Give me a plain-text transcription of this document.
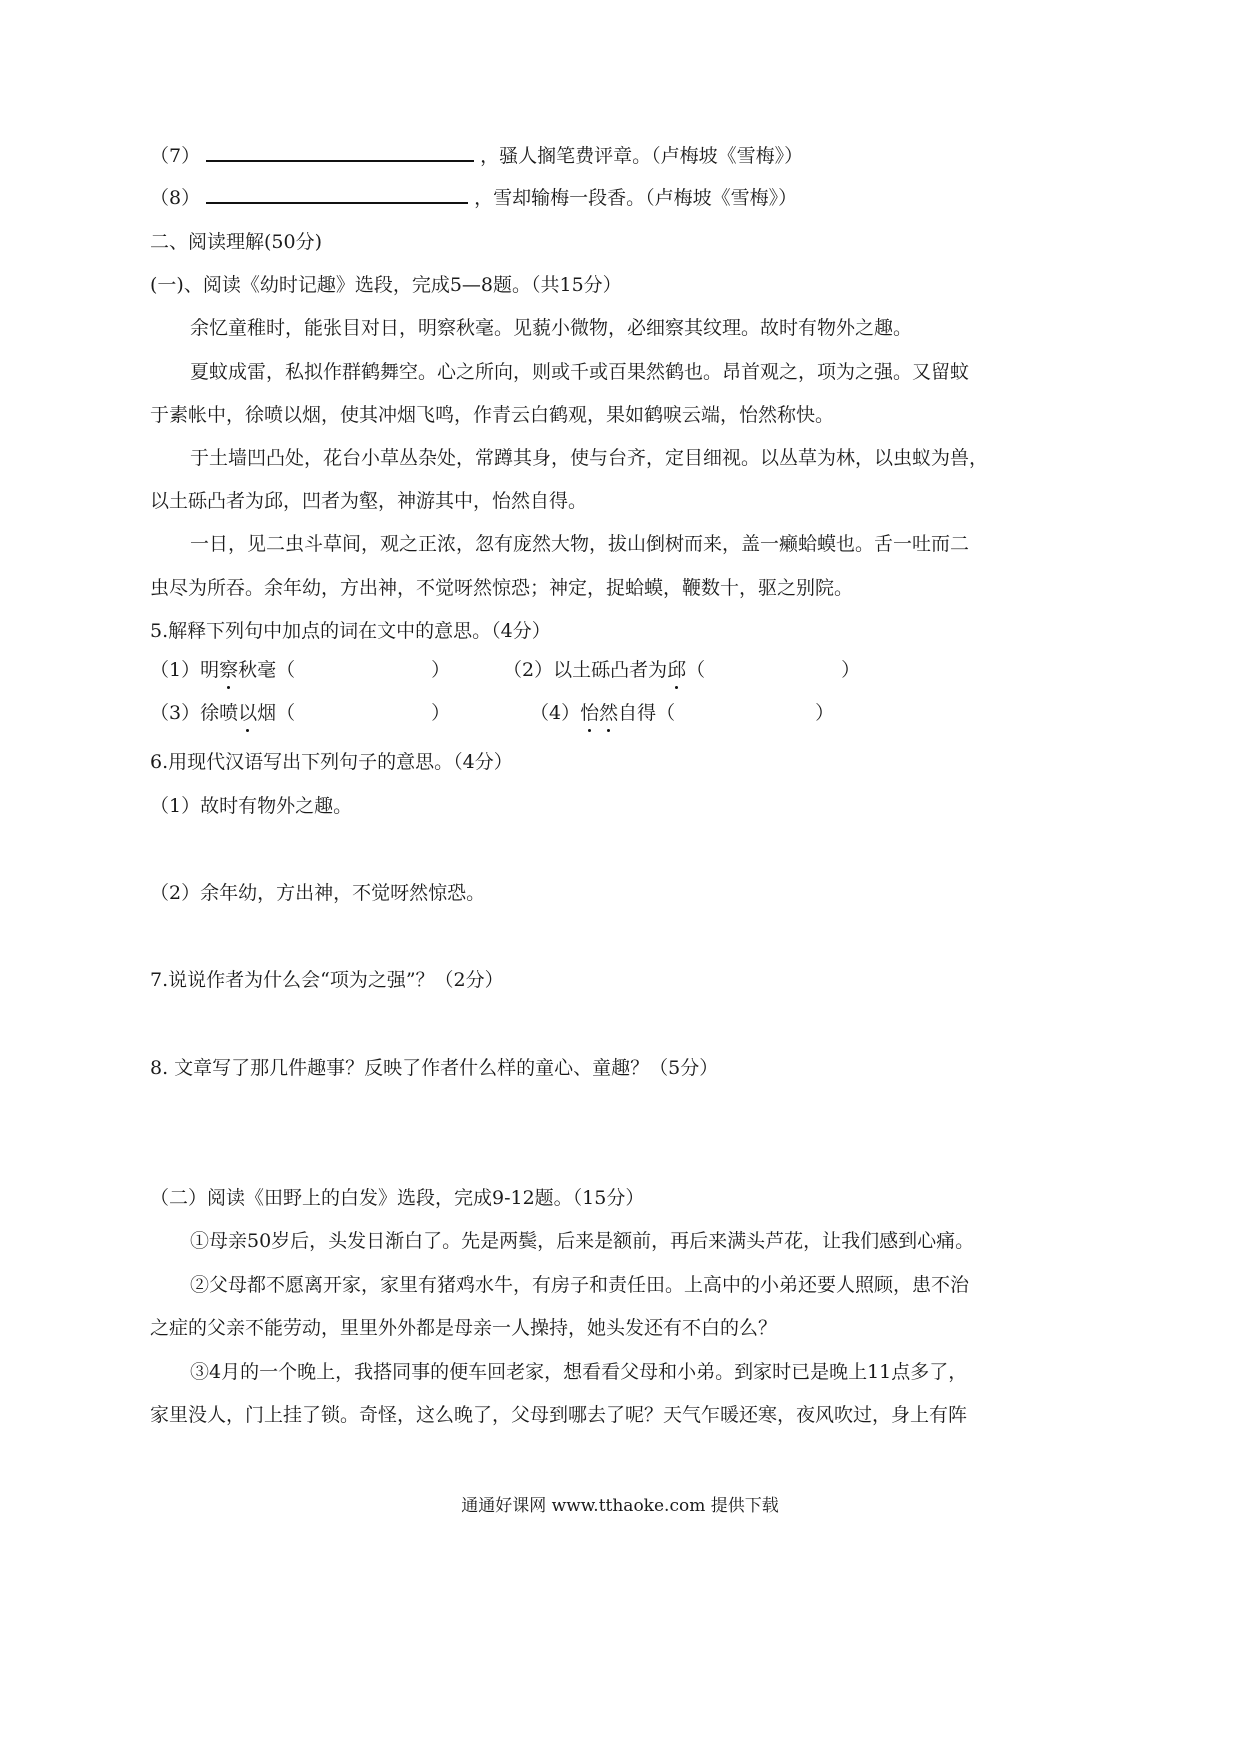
（7）	，骚人搁笔费评章。（卢梅坡《雪梅》）
（8）	，雪却输梅一段香。（卢梅坡《雪梅》）
二、阅读理解(50分)
(一)、阅读《幼时记趣》选段，完成5—8题。（共15分）
余忆童稚时，能张目对日，明察秋毫。见藐小微物，必细察其纹理。故时有物外之趣。
夏蚊成雷，私拟作群鹤舞空。心之所向，则或千或百果然鹤也。昂首观之，项为之强。又留蚊
于素帐中，徐喷以烟，使其冲烟飞鸣，作青云白鹤观，果如鹤唳云端，怡然称快。
于土墙凹凸处，花台小草丛杂处，常蹲其身，使与台齐，定目细视。以丛草为林，以虫蚁为兽，
以土砾凸者为邱，凹者为壑，神游其中，怡然自得。
一日，见二虫斗草间，观之正浓，忽有庞然大物，拔山倒树而来，盖一癞蛤蟆也。舌一吐而二
虫尽为所吞。余年幼，方出神，不觉呀然惊恐；神定，捉蛤蟆，鞭数十，驱之别院。
5.解释下列句中加点的词在文中的意思。（4分）
（1）明察秋毫（	）	（2）以土砾凸者为邱（	）
（3）徐喷以烟（	）	（4）怡然自得（	）
6.用现代汉语写出下列句子的意思。（4分）
（1）故时有物外之趣。
（2）余年幼，方出神，不觉呀然惊恐。
7.说说作者为什么会“项为之强”？（2分）
8. 文章写了那几件趣事？反映了作者什么样的童心、童趣？（5分）
（二）阅读《田野上的白发》选段，完成9-12题。（15分）
①母亲50岁后，头发日渐白了。先是两鬓，后来是额前，再后来满头芦花，让我们感到心痛。
②父母都不愿离开家，家里有猪鸡水牛，有房子和责任田。上高中的小弟还要人照顾，患不治
之症的父亲不能劳动，里里外外都是母亲一人操持，她头发还有不白的么？
③4月的一个晚上，我搭同事的便车回老家，想看看父母和小弟。到家时已是晚上11点多了，
家里没人，门上挂了锁。奇怪，这么晚了，父母到哪去了呢？天气乍暖还寒，夜风吹过，身上有阵
通通好课网 www.tthaoke.com 提供下载
